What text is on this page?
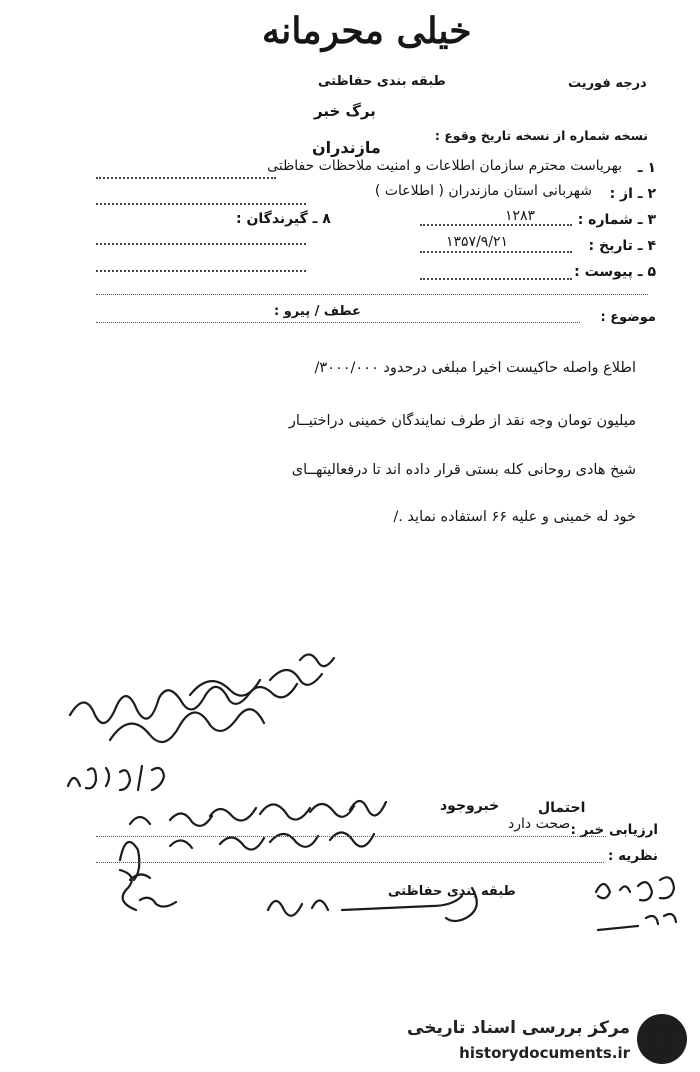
خیلی محرمانه
طبقه بندی حفاظتی	درجه فوریت
برگ خبر
نسخه شماره از نسخه تاریخ وقوع :
مازندران
۱ ـ
بهریاست محترم سازمان اطلاعات و امنیت ملاحظات حفاظتی
۲ ـ از :
شهربانی استان مازندران ( اطلاعات )
۳ ـ شماره :
۱۲۸۳
۸ ـ گیرندگان :
۴ ـ تاریخ :
۱۳۵۷/۹/۲۱
۵ ـ پیوست :
موضوع :
عطف / پیرو :
اطلاع واصله حاکیست اخیرا مبلغی درحدود ۳۰۰۰/۰۰۰/
میلیون تومان وجه نقد از طرف نمایندگان خمینی دراختیــار
شیخ هادی روحانی کله بستی قرار داده اند تا درفعالیتهــای
خود له خمینی و علیه ۶۶ استفاده نماید ./
احتمال
خبروجود
ارزیابی خبر :
صحت دارد
نظریه :
طبقه بندی حفاظتی
مرکز بررسی اسناد تاریخی
historydocuments.ir
